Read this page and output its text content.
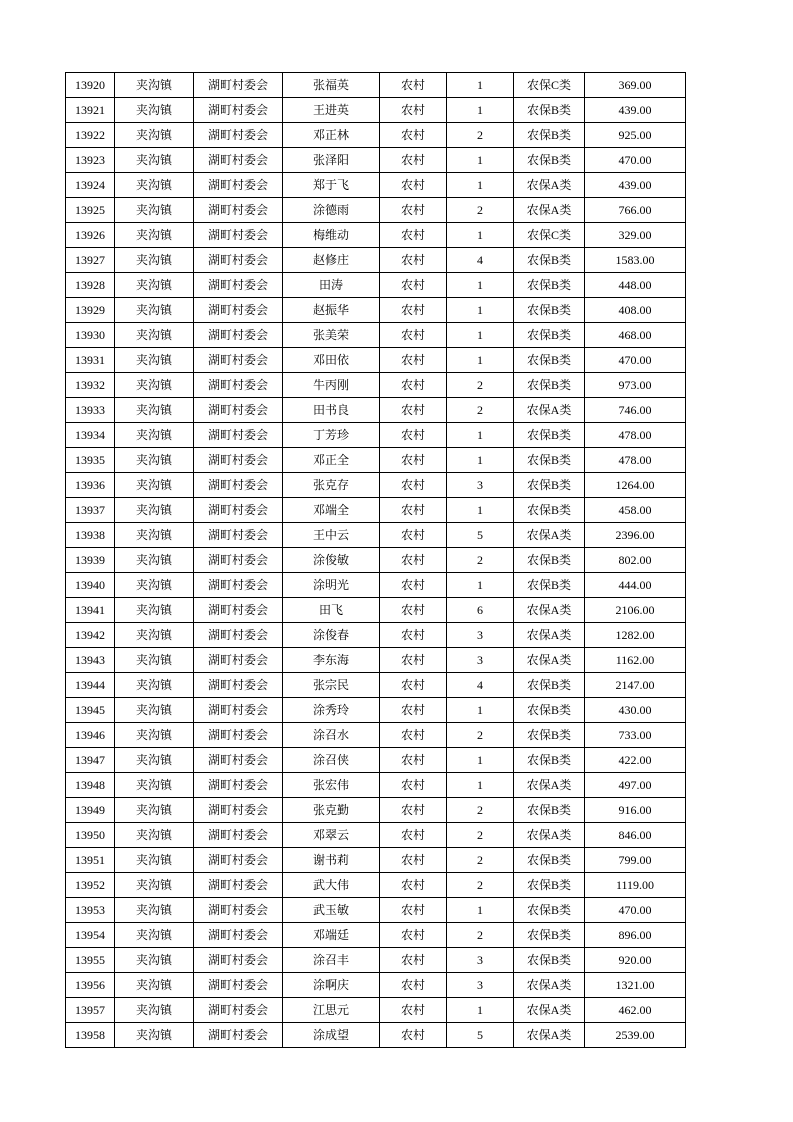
13920	夹沟镇	湖町村委会	张福英	农村	1	农保C类	369.00
13921	夹沟镇	湖町村委会	王进英	农村	1	农保B类	439.00
13922	夹沟镇	湖町村委会	邓正林	农村	2	农保B类	925.00
13923	夹沟镇	湖町村委会	张泽阳	农村	1	农保B类	470.00
13924	夹沟镇	湖町村委会	郑于飞	农村	1	农保A类	439.00
13925	夹沟镇	湖町村委会	涂德雨	农村	2	农保A类	766.00
13926	夹沟镇	湖町村委会	梅维动	农村	1	农保C类	329.00
13927	夹沟镇	湖町村委会	赵修庄	农村	4	农保B类	1583.00
13928	夹沟镇	湖町村委会	田涛	农村	1	农保B类	448.00
13929	夹沟镇	湖町村委会	赵振华	农村	1	农保B类	408.00
13930	夹沟镇	湖町村委会	张美荣	农村	1	农保B类	468.00
13931	夹沟镇	湖町村委会	邓田依	农村	1	农保B类	470.00
13932	夹沟镇	湖町村委会	牛丙刚	农村	2	农保B类	973.00
13933	夹沟镇	湖町村委会	田书良	农村	2	农保A类	746.00
13934	夹沟镇	湖町村委会	丁芳珍	农村	1	农保B类	478.00
13935	夹沟镇	湖町村委会	邓正全	农村	1	农保B类	478.00
13936	夹沟镇	湖町村委会	张克存	农村	3	农保B类	1264.00
13937	夹沟镇	湖町村委会	邓端全	农村	1	农保B类	458.00
13938	夹沟镇	湖町村委会	王中云	农村	5	农保A类	2396.00
13939	夹沟镇	湖町村委会	涂俊敏	农村	2	农保B类	802.00
13940	夹沟镇	湖町村委会	涂明光	农村	1	农保B类	444.00
13941	夹沟镇	湖町村委会	田飞	农村	6	农保A类	2106.00
13942	夹沟镇	湖町村委会	涂俊春	农村	3	农保A类	1282.00
13943	夹沟镇	湖町村委会	李东海	农村	3	农保A类	1162.00
13944	夹沟镇	湖町村委会	张宗民	农村	4	农保B类	2147.00
13945	夹沟镇	湖町村委会	涂秀玲	农村	1	农保B类	430.00
13946	夹沟镇	湖町村委会	涂召水	农村	2	农保B类	733.00
13947	夹沟镇	湖町村委会	涂召侠	农村	1	农保B类	422.00
13948	夹沟镇	湖町村委会	张宏伟	农村	1	农保A类	497.00
13949	夹沟镇	湖町村委会	张克勤	农村	2	农保B类	916.00
13950	夹沟镇	湖町村委会	邓翠云	农村	2	农保A类	846.00
13951	夹沟镇	湖町村委会	谢书莉	农村	2	农保B类	799.00
13952	夹沟镇	湖町村委会	武大伟	农村	2	农保B类	1119.00
13953	夹沟镇	湖町村委会	武玉敏	农村	1	农保B类	470.00
13954	夹沟镇	湖町村委会	邓端廷	农村	2	农保B类	896.00
13955	夹沟镇	湖町村委会	涂召丰	农村	3	农保B类	920.00
13956	夹沟镇	湖町村委会	涂啊庆	农村	3	农保A类	1321.00
13957	夹沟镇	湖町村委会	江思元	农村	1	农保A类	462.00
13958	夹沟镇	湖町村委会	涂成望	农村	5	农保A类	2539.00
